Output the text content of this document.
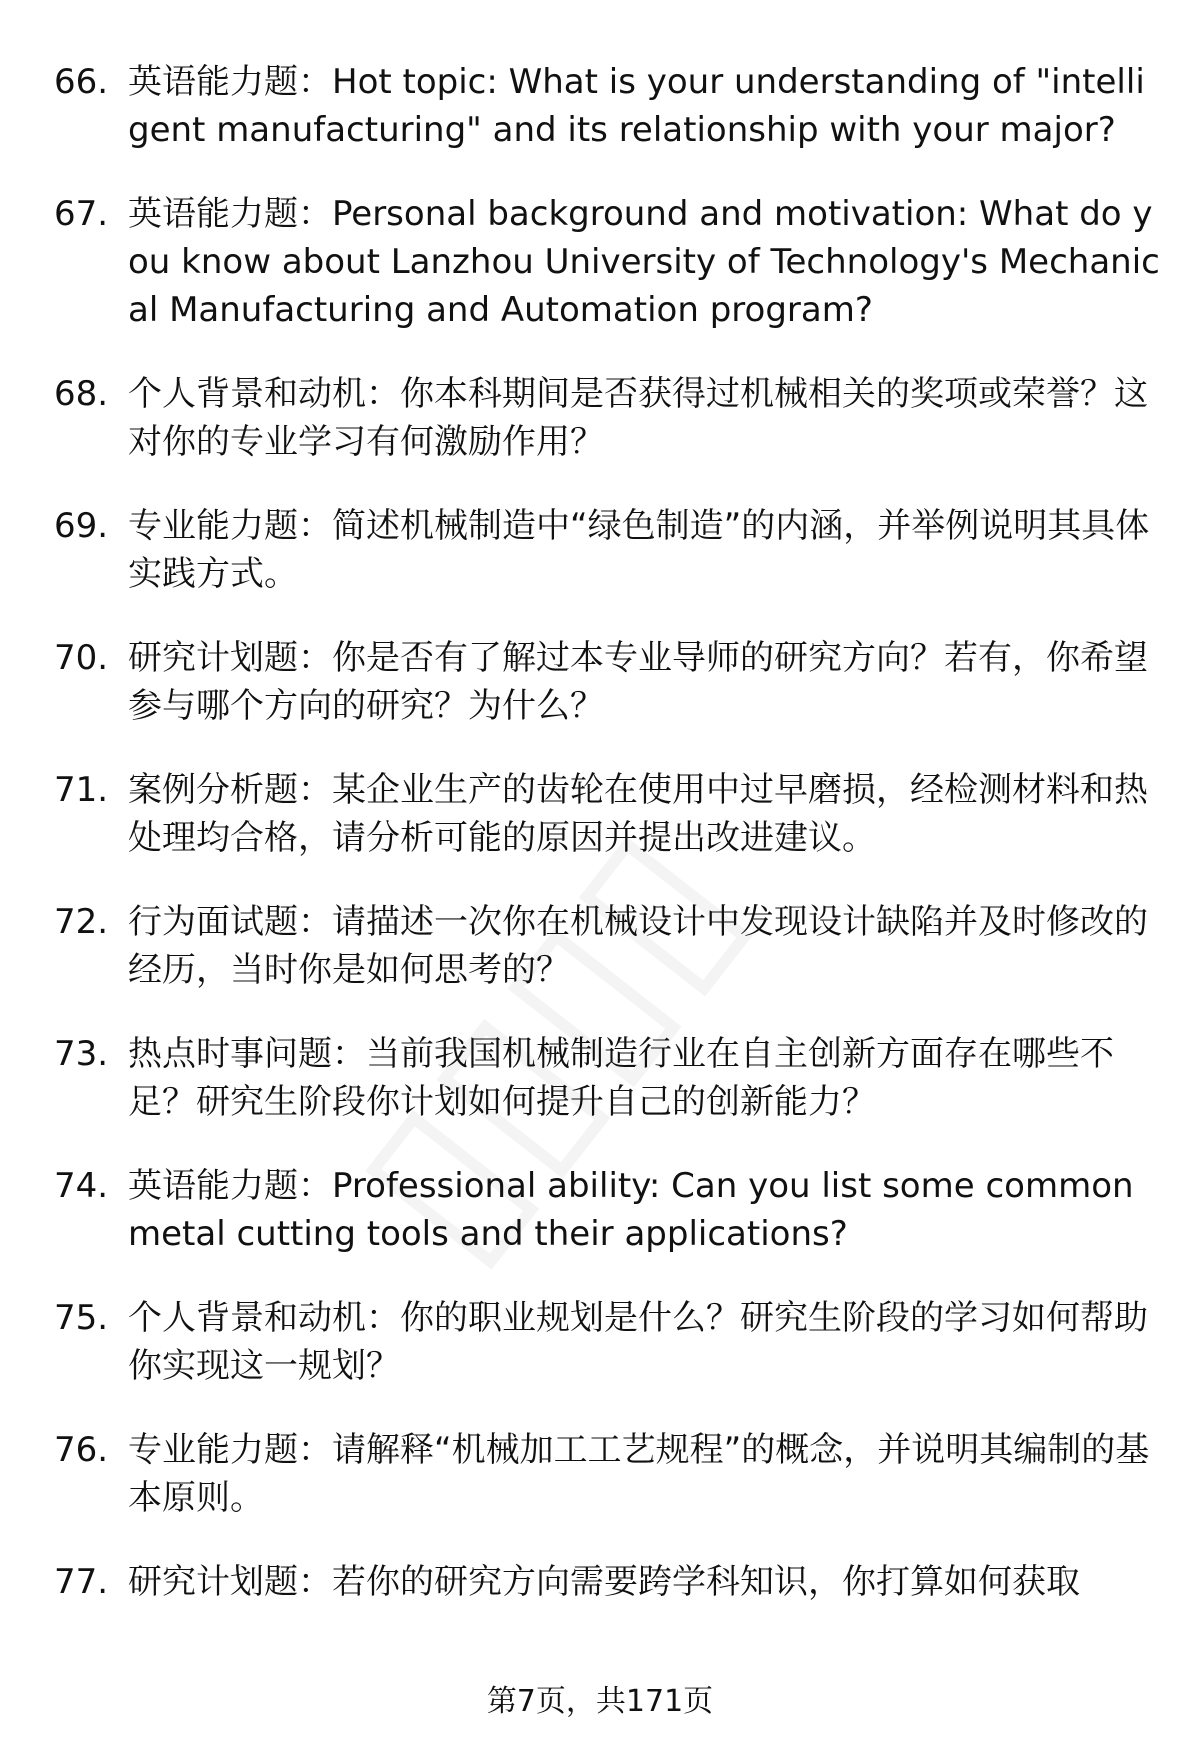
66. 英语能力题：Hot topic: What is your understanding of "intelligent manufacturing" and its relationship with your major?
67. 英语能力题：Personal background and motivation: What do you know about Lanzhou University of Technology's Mechanical Manufacturing and Automation program?
68. 个人背景和动机：你本科期间是否获得过机械相关的奖项或荣誉？这对你的专业学习有何激励作用？
69. 专业能力题：简述机械制造中“绿色制造”的内涵，并举例说明其具体实践方式。
70. 研究计划题：你是否有了解过本专业导师的研究方向？若有，你希望参与哪个方向的研究？为什么？
71. 案例分析题：某企业生产的齿轮在使用中过早磨损，经检测材料和热处理均合格，请分析可能的原因并提出改进建议。
72. 行为面试题：请描述一次你在机械设计中发现设计缺陷并及时修改的经历，当时你是如何思考的？
73. 热点时事问题：当前我国机械制造行业在自主创新方面存在哪些不足？研究生阶段你计划如何提升自己的创新能力？
74. 英语能力题：Professional ability: Can you list some common metal cutting tools and their applications?
75. 个人背景和动机：你的职业规划是什么？研究生阶段的学习如何帮助你实现这一规划？
76. 专业能力题：请解释“机械加工工艺规程”的概念，并说明其编制的基本原则。
77. 研究计划题：若你的研究方向需要跨学科知识，你打算如何获取
第7页，共171页
